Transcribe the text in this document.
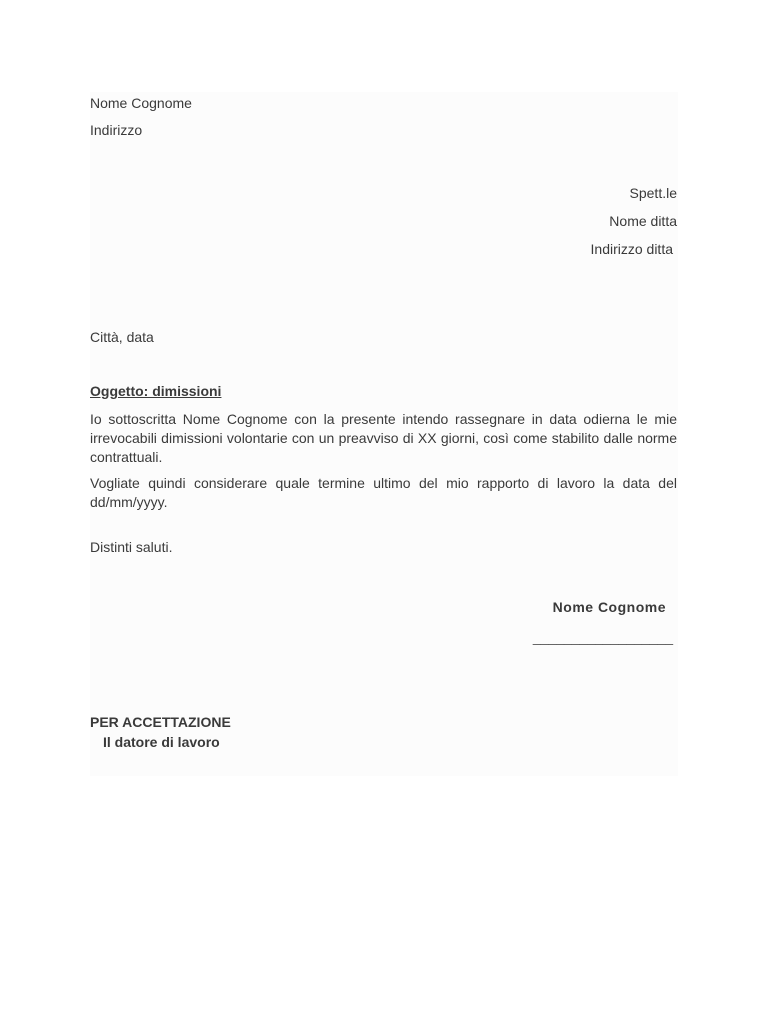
Nome Cognome
Indirizzo
Spett.le
Nome ditta
Indirizzo ditta
Città, data
Oggetto: dimissioni
Io sottoscritta Nome Cognome con la presente intendo rassegnare in data odierna le mie irrevocabili dimissioni volontarie con un preavviso di XX giorni, così come stabilito dalle norme contrattuali.
Vogliate quindi considerare quale termine ultimo del mio rapporto di lavoro la data del dd/mm/yyyy.
Distinti saluti.
Nome Cognome
__________________
PER ACCETTAZIONE
Il datore di lavoro
